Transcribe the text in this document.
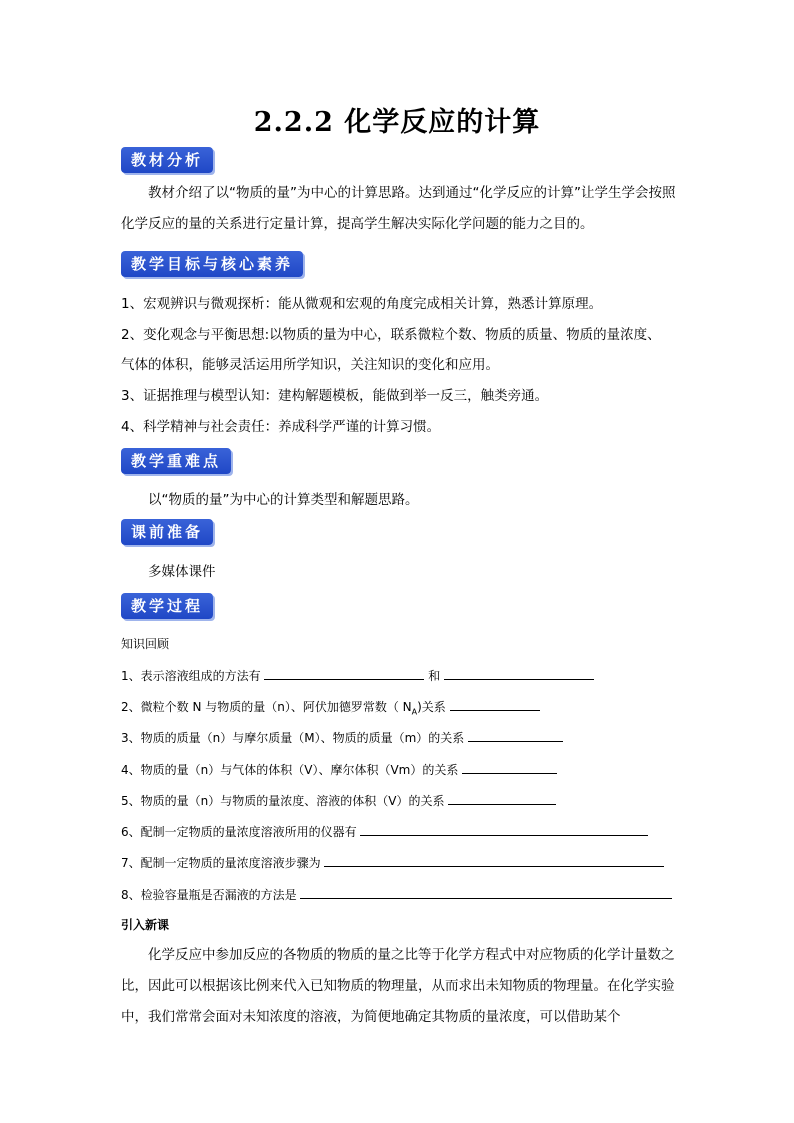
2.2.2 化学反应的计算
教材分析

教材介绍了以“物质的量”为中心的计算思路。达到通过“化学反应的计算”让学生学会按照化学反应的量的关系进行定量计算，提高学生解决实际化学问题的能力之目的。

教学目标与核心素养
1、宏观辨识与微观探析：能从微观和宏观的角度完成相关计算，熟悉计算原理。
2、变化观念与平衡思想:以物质的量为中心，联系微粒个数、物质的质量、物质的量浓度、
气体的体积，能够灵活运用所学知识，关注知识的变化和应用。
3、证据推理与模型认知：建构解题模板，能做到举一反三，触类旁通。
4、科学精神与社会责任：养成科学严谨的计算习惯。
教学重难点
以“物质的量”为中心的计算类型和解题思路。
课前准备
多媒体课件
教学过程
知识回顾
1、表示溶液组成的方法有	和
2、微粒个数 N 与物质的量（n）、阿伏加德罗常数（ $N_A$)关系
3、物质的质量（n）与摩尔质量（M）、物质的质量（m）的关系
4、物质的量（n）与气体的体积（V）、摩尔体积（Vm）的关系
5、物质的量（n）与物质的量浓度、溶液的体积（V）的关系
6、配制一定物质的量浓度溶液所用的仪器有
7、配制一定物质的量浓度溶液步骤为
8、检验容量瓶是否漏液的方法是
引入新课

化学反应中参加反应的各物质的物质的量之比等于化学方程式中对应物质的化学计量数之比，因此可以根据该比例来代入已知物质的物理量，从而求出未知物质的物理量。在化学实验中，我们常常会面对未知浓度的溶液，为简便地确定其物质的量浓度，可以借助某个
